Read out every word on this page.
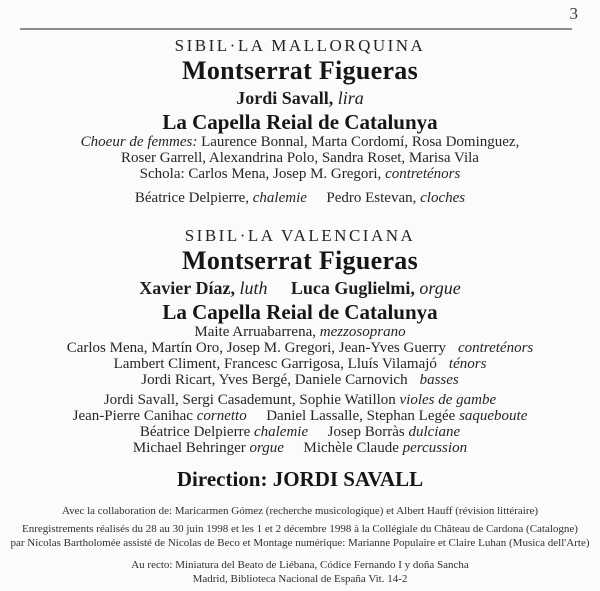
3
SIBIL·LA MALLORQUINA
Montserrat Figueras
Jordi Savall, lira
La Capella Reial de Catalunya
Choeur de femmes: Laurence Bonnal, Marta Cordomí, Rosa Dominguez,
Roser Garrell, Alexandrina Polo, Sandra Roset, Marisa Vila
Schola: Carlos Mena, Josep M. Gregori, contreténors
Béatrice Delpierre, chalemie Pedro Estevan, cloches
SIBIL·LA VALENCIANA
Montserrat Figueras
Xavier Díaz, luth Luca Guglielmi, orgue
La Capella Reial de Catalunya
Maite Arruabarrena, mezzosoprano
Carlos Mena, Martín Oro, Josep M. Gregori, Jean-Yves Guerry contreténors
Lambert Climent, Francesc Garrigosa, Lluís Vilamajó ténors
Jordi Ricart, Yves Bergé, Daniele Carnovich basses
Jordi Savall, Sergi Casademunt, Sophie Watillon violes de gambe
Jean-Pierre Canihac cornetto Daniel Lassalle, Stephan Legée saqueboute
Béatrice Delpierre chalemie Josep Borràs dulciane
Michael Behringer orgue Michèle Claude percussion
Direction: JORDI SAVALL
Avec la collaboration de: Maricarmen Gómez (recherche musicologique) et Albert Hauff (révision littéraire)
Enregistrements réalisés du 28 au 30 juin 1998 et les 1 et 2 décembre 1998 à la Collégiale du Château de Cardona (Catalogne)
par Nicolas Bartholomée assisté de Nicolas de Beco et Montage numérique: Marianne Populaire et Claire Luhan (Musica dell'Arte)
Au recto: Miniatura del Beato de Liébana, Códice Fernando I y doña Sancha
Madrid, Biblioteca Nacional de España Vit. 14-2
